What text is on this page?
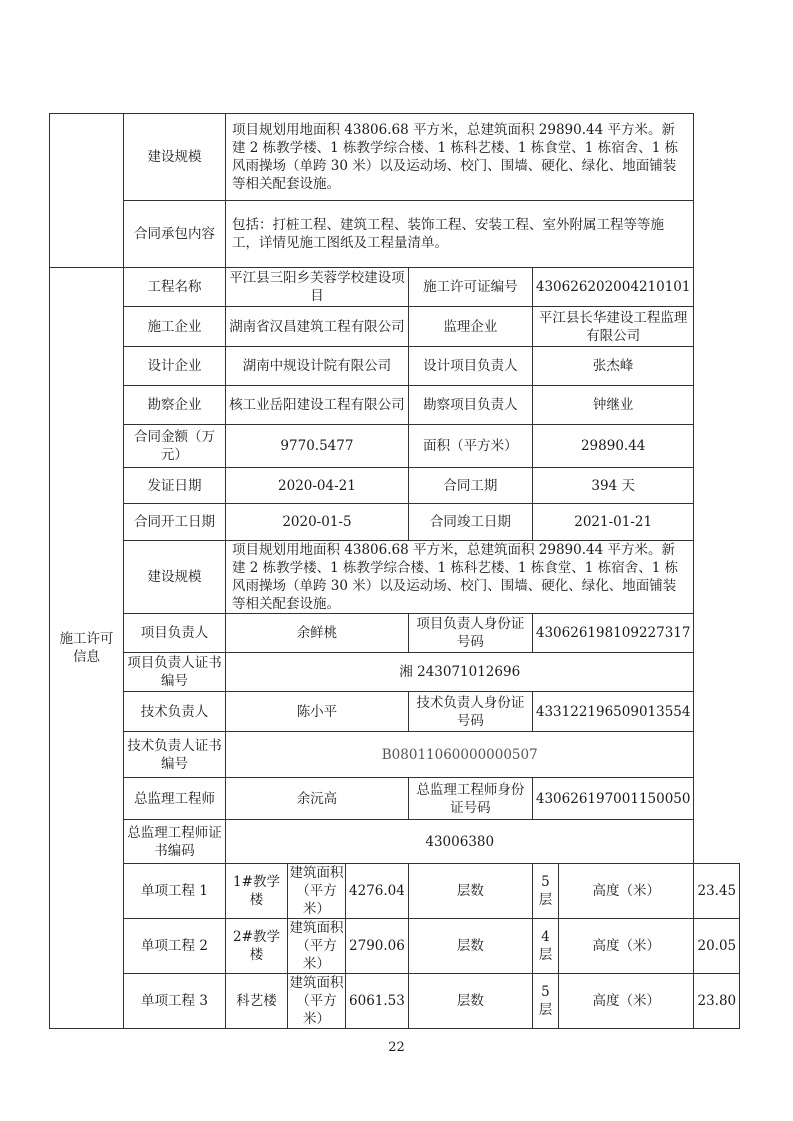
	建设规模	项目规划用地面积 43806.68 平方米，总建筑面积 29890.44 平方米。新建 2 栋教学楼、1 栋教学综合楼、1 栋科艺楼、1 栋食堂、1 栋宿舍、1 栋风雨操场（单跨 30 米）以及运动场、校门、围墙、硬化、绿化、地面铺装等相关配套设施。						
	合同承包内容	包括：打桩工程、建筑工程、装饰工程、安装工程、室外附属工程等等施工，详情见施工图纸及工程量清单。						
施工许可信息	工程名称	平江县三阳乡芙蓉学校建设项目			施工许可证编号	430626202004210101		
	施工企业	湖南省汉昌建筑工程有限公司			监理企业	平江县长华建设工程监理有限公司		
	设计企业	湖南中规设计院有限公司			设计项目负责人	张杰峰		
	勘察企业	核工业岳阳建设工程有限公司			勘察项目负责人	钟继业		
	合同金额（万元）	9770.5477			面积（平方米）	29890.44		
	发证日期	2020-04-21			合同工期	394 天		
	合同开工日期	2020-01-5			合同竣工日期	2021-01-21		
	建设规模	项目规划用地面积 43806.68 平方米，总建筑面积 29890.44 平方米。新建 2 栋教学楼、1 栋教学综合楼、1 栋科艺楼、1 栋食堂、1 栋宿舍、1 栋风雨操场（单跨 30 米）以及运动场、校门、围墙、硬化、绿化、地面铺装等相关配套设施。						
	项目负责人	余鲜桃			项目负责人身份证号码	430626198109227317		
	项目负责人证书编号	湘 243071012696						
	技术负责人	陈小平			技术负责人身份证号码	433122196509013554		
	技术负责人证书编号	B08011060000000507						
	总监理工程师	余沅高			总监理工程师身份证号码	430626197001150050		
	总监理工程师证书编码	43006380						
	单项工程 1	1#教学楼	建筑面积（平方米）	4276.04	层数	5 层	高度（米）	23.45
	单项工程 2	2#教学楼	建筑面积（平方米）	2790.06	层数	4 层	高度（米）	20.05
	单项工程 3	科艺楼	建筑面积（平方米）	6061.53	层数	5 层	高度（米）	23.80
22
